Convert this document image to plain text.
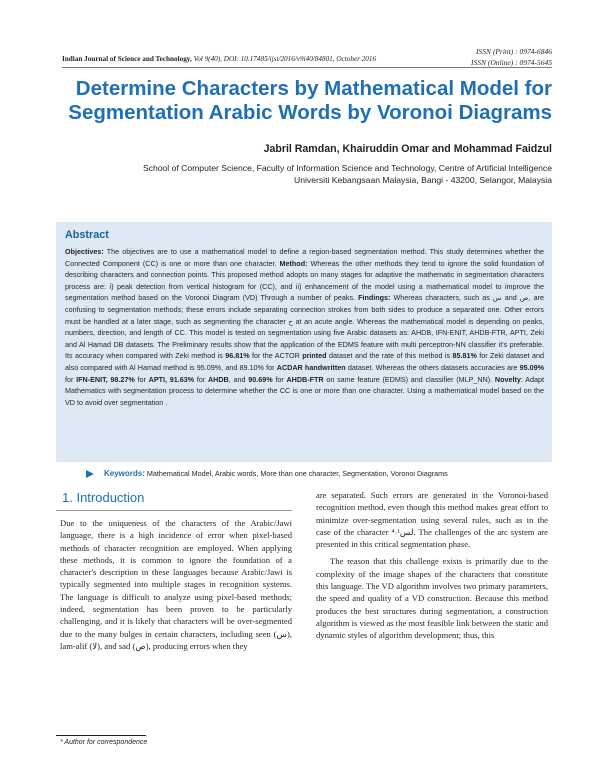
Indian Journal of Science and Technology, Vol 9(40), DOI: 10.17485/ijst/2016/v9i40/84801, October 2016
ISSN (Print) : 0974-6846
ISSN (Online) : 0974-5645
Determine Characters by Mathematical Model for Segmentation Arabic Words by Voronoi Diagrams
Jabril Ramdan, Khairuddin Omar and Mohammad Faidzul
School of Computer Science, Faculty of Information Science and Technology, Centre of Artificial Intelligence
Universiti Kebangsaan Malaysia, Bangi - 43200, Selangor, Malaysia
Abstract
Objectives: The objectives are to use a mathematical model to define a region-based segmentation method. This study determines whether the Connected Component (CC) is one or more than one character. Method: Whereas the other methods they tend to ignore the solid foundation of describing characters and connection points. This proposed method adopts on many stages for adaptive the mathematic in segmentation characters process are: i) peak detection from vertical histogram for (CC), and ii) enhancement of the model using a mathematical model to improve the segmentation method based on the Voronoi Diagram (VD) Through a number of peaks. Findings: Whereas characters, such as س and ص, are confusing to segmentation methods; these errors include separating connection strokes from both sides to produce a separated one. Other errors must be handled at a later stage, such as segmenting the character ح at an acute angle. Whereas the mathematical model is depending on peaks, numbers, direction, and length of CC. This model is tested on segmentation using five Arabic datasets as: AHDB, IFN-ENIT, AHDB-FTR, APTI, Zeki and Al Hamad DB datasets. The Preliminary results show that the application of the EDMS feature with multi perceptron-NN classifier it's preferable. Its accuracy when compared with Zeki method is 96.81% for the ACTOR printed dataset and the rate of this method is 85.81% for Zeki dataset and also compared with Al Hamad method is 95.09%, and 89.10% for ACDAR handwritten dataset. Whereas the others datasets accuracies are 95.09% for IFN-ENIT, 98.27% for APTI, 91.63% for AHDB, and 90.69% for AHDB-FTR on same feature (EDMS) and classifier (MLP_NN). Novelty: Adapt Mathematics with segmentation process to determine whether the CC is one or more than one character. Using a mathematical model based on the VD to avoid over segmentation .
Keywords: Mathematical Model, Arabic words, More than one character, Segmentation, Voronoi Diagrams
1. Introduction

Due to the uniqueness of the characters of the Arabic/Jawi language, there is a high incidence of error when pixel-based methods of character recognition are employed. When applying these methods, it is common to ignore the foundation of a character's description in these languages because Arabic/Jawi is typically segmented into multiple stages in recognition systems. The language is difficult to analyze using pixel-based methods; indeed, segmentation has been proven to be particularly challenging, and it is likely that characters will be over-segmented due to the many bulges in certain characters, including seen (س), lam-alif (لا), and sad (ص), producing errors when they

are separated. Such errors are generated in the Voronoi-based recognition method, even though this method makes great effort to minimize over-segmentation using several rules, such as in the case of the character لس¹˒⁴. The challenges of the arc system are presented in this critical segmentation phase.

The reason that this challenge exists is primarily due to the complexity of the image shapes of the characters that constitute this language. The VD algorithm involves two primary parameters, the speed and quality of a VD construction. Because this method produces the best structures during segmentation, a construction algorithm is viewed as the most feasible link between the static and dynamic styles of algorithm development; thus, this

* Author for correspondence
